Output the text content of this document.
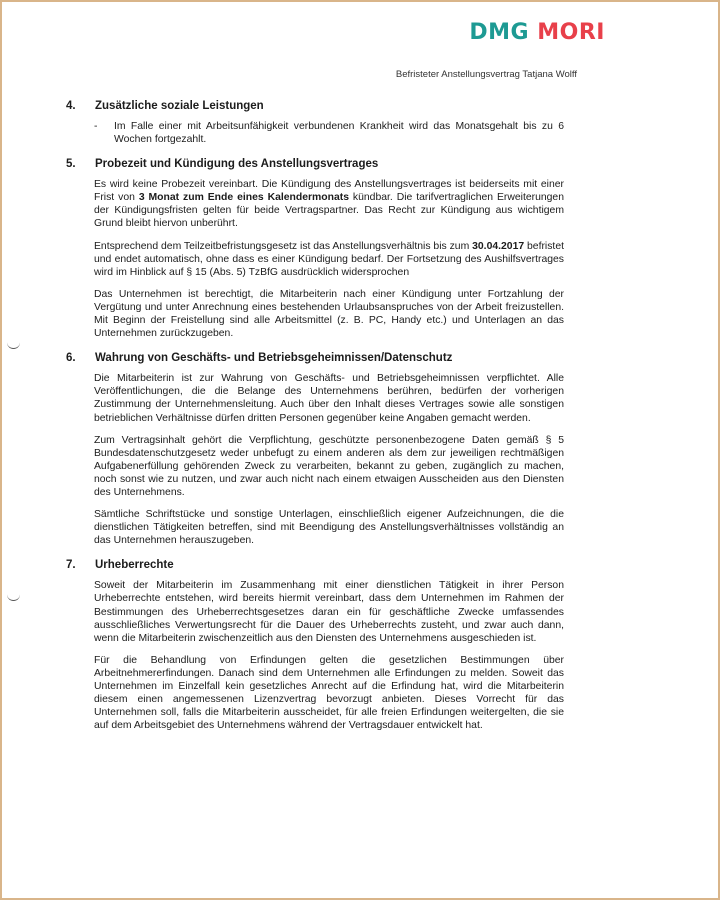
DMG MORI
Befristeter Anstellungsvertrag Tatjana Wolff
4.	Zusätzliche soziale Leistungen
-	Im Falle einer mit Arbeitsunfähigkeit verbundenen Krankheit wird das Monatsgehalt bis zu 6 Wochen fortgezahlt.
5.	Probezeit und Kündigung des Anstellungsvertrages

Es wird keine Probezeit vereinbart. Die Kündigung des Anstellungsvertrages ist beiderseits mit einer Frist von 3 Monat zum Ende eines Kalendermonats kündbar. Die tarifvertraglichen Erweiterungen der Kündigungsfristen gelten für beide Vertragspartner. Das Recht zur Kündigung aus wichtigem Grund bleibt hiervon unberührt.

Entsprechend dem Teilzeitbefristungsgesetz ist das Anstellungsverhältnis bis zum 30.04.2017 befristet und endet automatisch, ohne dass es einer Kündigung bedarf. Der Fortsetzung des Aushilfsvertrages wird im Hinblick auf § 15 (Abs. 5) TzBfG ausdrücklich widersprochen

Das Unternehmen ist berechtigt, die Mitarbeiterin nach einer Kündigung unter Fortzahlung der Vergütung und unter Anrechnung eines bestehenden Urlaubsanspruches von der Arbeit freizustellen. Mit Beginn der Freistellung sind alle Arbeitsmittel (z. B. PC, Handy etc.) und Unterlagen an das Unternehmen zurückzugeben.

6.	Wahrung von Geschäfts- und Betriebsgeheimnissen/Datenschutz

Die Mitarbeiterin ist zur Wahrung von Geschäfts- und Betriebsgeheimnissen verpflichtet. Alle Veröffentlichungen, die die Belange des Unternehmens berühren, bedürfen der vorherigen Zustimmung der Unternehmensleitung. Auch über den Inhalt dieses Vertrages sowie alle sonstigen betrieblichen Verhältnisse dürfen dritten Personen gegenüber keine Angaben gemacht werden.

Zum Vertragsinhalt gehört die Verpflichtung, geschützte personenbezogene Daten gemäß § 5 Bundesdatenschutzgesetz weder unbefugt zu einem anderen als dem zur jeweiligen rechtmäßigen Aufgabenerfüllung gehörenden Zweck zu verarbeiten, bekannt zu geben, zugänglich zu machen, noch sonst wie zu nutzen, und zwar auch nicht nach einem etwaigen Ausscheiden aus den Diensten des Unternehmens.

Sämtliche Schriftstücke und sonstige Unterlagen, einschließlich eigener Aufzeichnungen, die die dienstlichen Tätigkeiten betreffen, sind mit Beendigung des Anstellungsverhältnisses vollständig an das Unternehmen herauszugeben.

7.	Urheberrechte

Soweit der Mitarbeiterin im Zusammenhang mit einer dienstlichen Tätigkeit in ihrer Person Urheberrechte entstehen, wird bereits hiermit vereinbart, dass dem Unternehmen im Rahmen der Bestimmungen des Urheberrechtsgesetzes daran ein für geschäftliche Zwecke umfassendes ausschließliches Verwertungsrecht für die Dauer des Urheberrechts zusteht, und zwar auch dann, wenn die Mitarbeiterin zwischenzeitlich aus den Diensten des Unternehmens ausgeschieden ist.

Für die Behandlung von Erfindungen gelten die gesetzlichen Bestimmungen über Arbeitnehmererfindungen. Danach sind dem Unternehmen alle Erfindungen zu melden. Soweit das Unternehmen im Einzelfall kein gesetzliches Anrecht auf die Erfindung hat, wird die Mitarbeiterin diesem einen angemessenen Lizenzvertrag bevorzugt anbieten. Dieses Vorrecht für das Unternehmen soll, falls die Mitarbeiterin ausscheidet, für alle freien Erfindungen weitergelten, die sie auf dem Arbeitsgebiet des Unternehmens während der Vertragsdauer entwickelt hat.
